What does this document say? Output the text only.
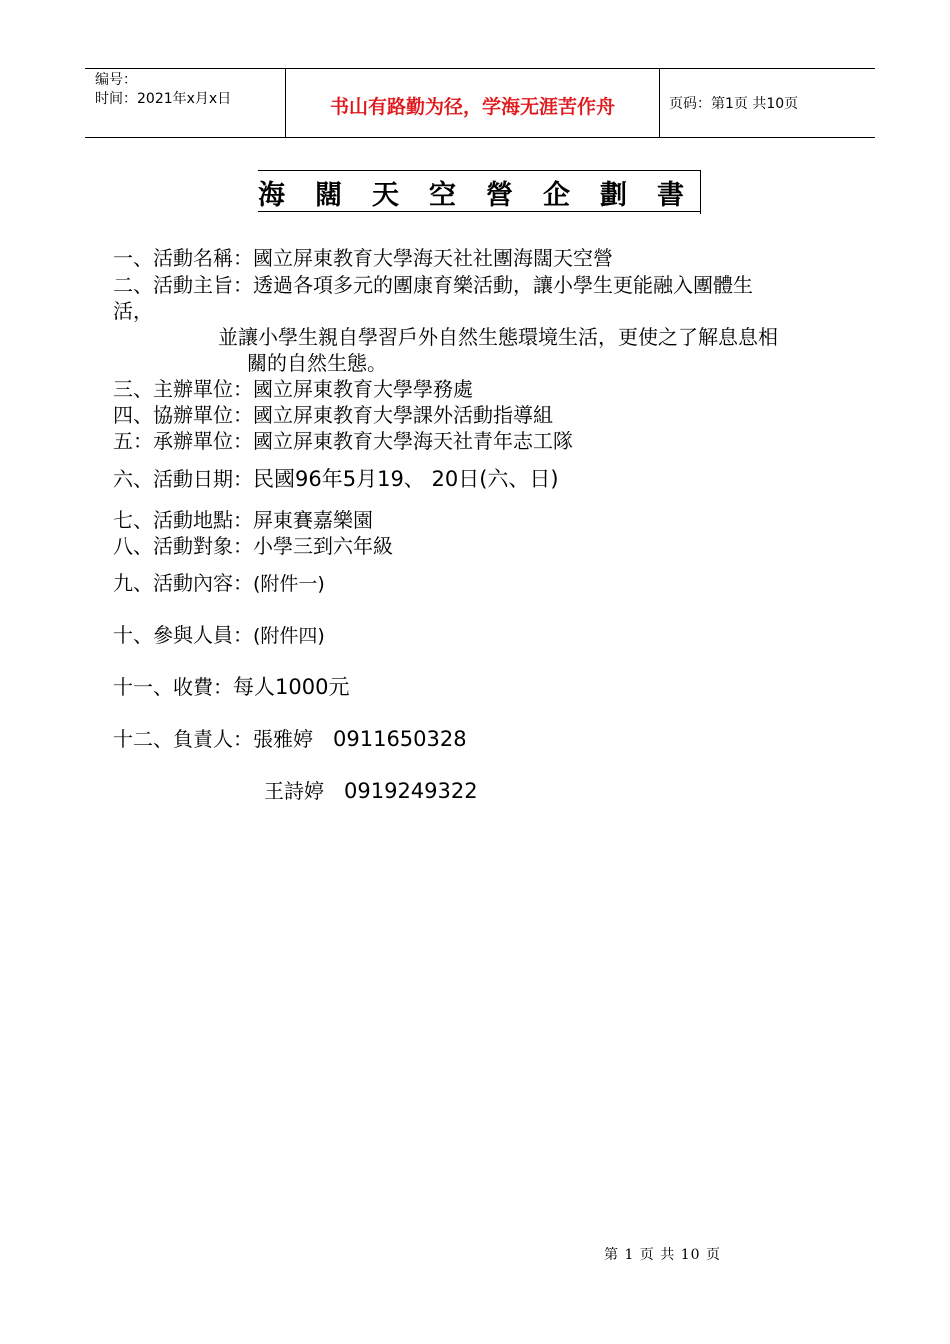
编号：
时间：2021年x月x日	书山有路勤为径，学海无涯苦作舟	页码：第1页 共10页
海闊天空營企劃書
一、活動名稱：國立屏東教育大學海天社社團海闊天空營
二、活動主旨：透過各項多元的團康育樂活動，讓小學生更能融入團體生
活，
並讓小學生親自學習戶外自然生態環境生活，更使之了解息息相
關的自然生態。
三、主辦單位：國立屏東教育大學學務處
四、協辦單位：國立屏東教育大學課外活動指導組
五：承辦單位：國立屏東教育大學海天社青年志工隊
六、活動日期：民國96年5月19、 20日(六、日)
七、活動地點：屏東賽嘉樂園
八、活動對象：小學三到六年級
九、活動內容：(附件一)
十、參與人員：(附件四)
十一、收費：每人1000元
十二、負責人：張雅婷 0911650328
王詩婷 0919249322
第 1 页 共 10 页
